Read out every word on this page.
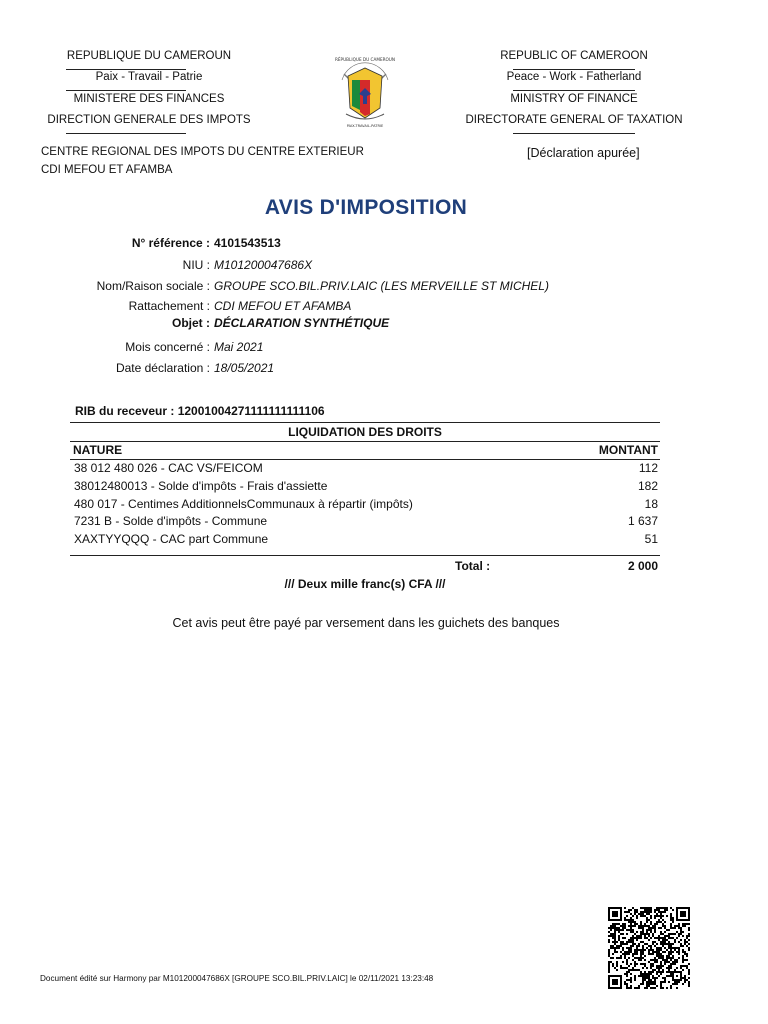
REPUBLIQUE DU CAMEROUN
Paix - Travail - Patrie
MINISTERE DES FINANCES
DIRECTION GENERALE DES IMPOTS
REPUBLIC OF CAMEROON
Peace - Work - Fatherland
MINISTRY OF FINANCE
DIRECTORATE GENERAL OF TAXATION
RÉPUBLIQUE DU CAMEROUN
PAIX-TRAVAIL-PATRIE
CENTRE REGIONAL DES IMPOTS DU CENTRE EXTERIEUR
CDI MEFOU ET AFAMBA
[Déclaration apurée]
AVIS D'IMPOSITION
N° référence : 4101543513
NIU : M101200047686X
Nom/Raison sociale : GROUPE SCO.BIL.PRIV.LAIC (LES MERVEILLE ST MICHEL)
Rattachement : CDI MEFOU ET AFAMBA
Objet : DÉCLARATION SYNTHÉTIQUE
Mois concerné : Mai 2021
Date déclaration : 18/05/2021
RIB du receveur : 12001004271111111111106
LIQUIDATION DES DROITS
NATURE	MONTANT
38 012 480 026 - CAC VS/FEICOM	112
38012480013 - Solde d'impôts - Frais d'assiette	182
480 017 - Centimes AdditionnelsCommunaux à répartir (impôts)	18
7231 B - Solde d'impôts - Commune	1 637
XAXTYYQQQ - CAC part Commune	51
Total :	2 000
/// Deux mille franc(s) CFA ///
Cet avis peut être payé par versement dans les guichets des banques
Document édité sur Harmony par M101200047686X [GROUPE SCO.BIL.PRIV.LAIC] le 02/11/2021 13:23:48
